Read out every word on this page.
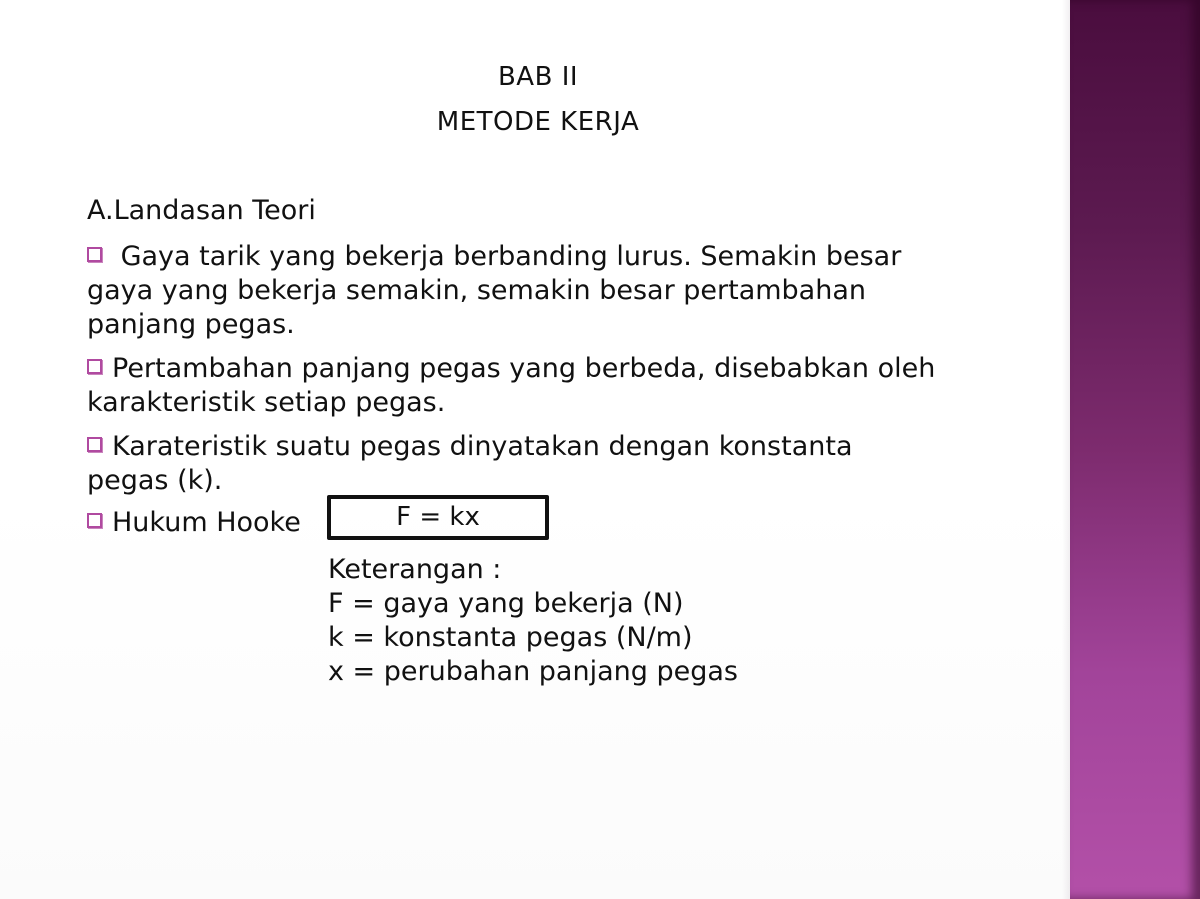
BAB II
METODE KERJA
A.Landasan Teori
Gaya tarik yang bekerja berbanding lurus. Semakin besar
gaya yang bekerja semakin, semakin besar pertambahan
panjang pegas.
Pertambahan panjang pegas yang berbeda, disebabkan oleh
karakteristik setiap pegas.
Karateristik suatu pegas dinyatakan dengan konstanta
pegas (k).
Hukum Hooke	F = kx
Keterangan :
F = gaya yang bekerja (N)
k = konstanta pegas (N/m)
x = perubahan panjang pegas
